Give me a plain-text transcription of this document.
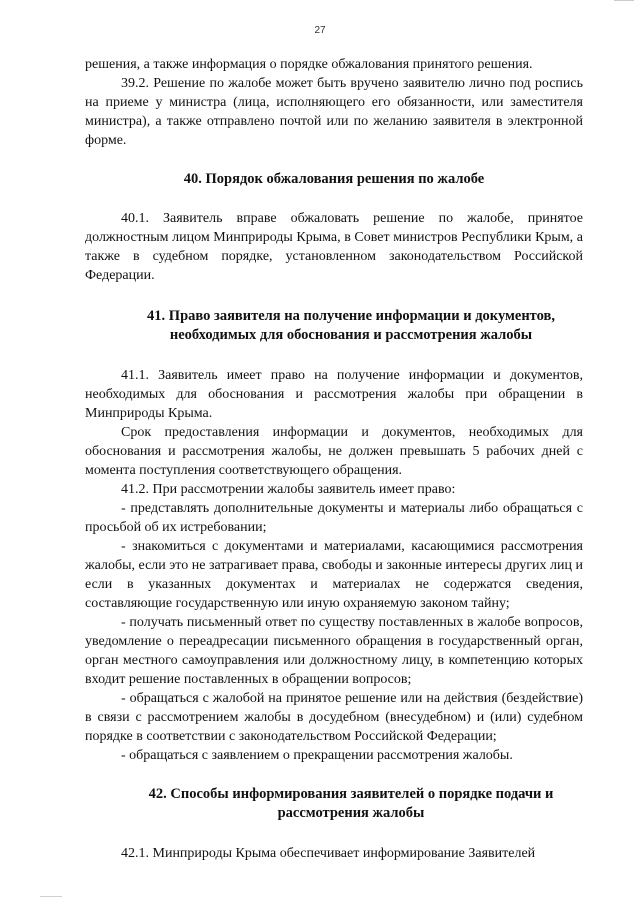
27

решения, а также информация о порядке обжалования принятого решения.

39.2. Решение по жалобе может быть вручено заявителю лично под роспись на приеме у министра (лица, исполняющего его обязанности, или заместителя министра), а также отправлено почтой или по желанию заявителя в электронной форме.

40. Порядок обжалования решения по жалобе

40.1. Заявитель вправе обжаловать решение по жалобе, принятое должностным лицом Минприроды Крыма, в Совет министров Республики Крым, а также в судебном порядке, установленном законодательством Российской Федерации.

41. Право заявителя на получение информации и документов, необходимых для обоснования и рассмотрения жалобы

41.1. Заявитель имеет право на получение информации и документов, необходимых для обоснования и рассмотрения жалобы при обращении в Минприроды Крыма.

Срок предоставления информации и документов, необходимых для обоснования и рассмотрения жалобы, не должен превышать 5 рабочих дней с момента поступления соответствующего обращения.

41.2. При рассмотрении жалобы заявитель имеет право:

- представлять дополнительные документы и материалы либо обращаться с просьбой об их истребовании;

- знакомиться с документами и материалами, касающимися рассмотрения жалобы, если это не затрагивает права, свободы и законные интересы других лиц и если в указанных документах и материалах не содержатся сведения, составляющие государственную или иную охраняемую законом тайну;

- получать письменный ответ по существу поставленных в жалобе вопросов, уведомление о переадресации письменного обращения в государственный орган, орган местного самоуправления или должностному лицу, в компетенцию которых входит решение поставленных в обращении вопросов;

- обращаться с жалобой на принятое решение или на действия (бездействие) в связи с рассмотрением жалобы в досудебном (внесудебном) и (или) судебном порядке в соответствии с законодательством Российской Федерации;

- обращаться с заявлением о прекращении рассмотрения жалобы.

42. Способы информирования заявителей о порядке подачи и рассмотрения жалобы

42.1. Минприроды Крыма обеспечивает информирование Заявителей
